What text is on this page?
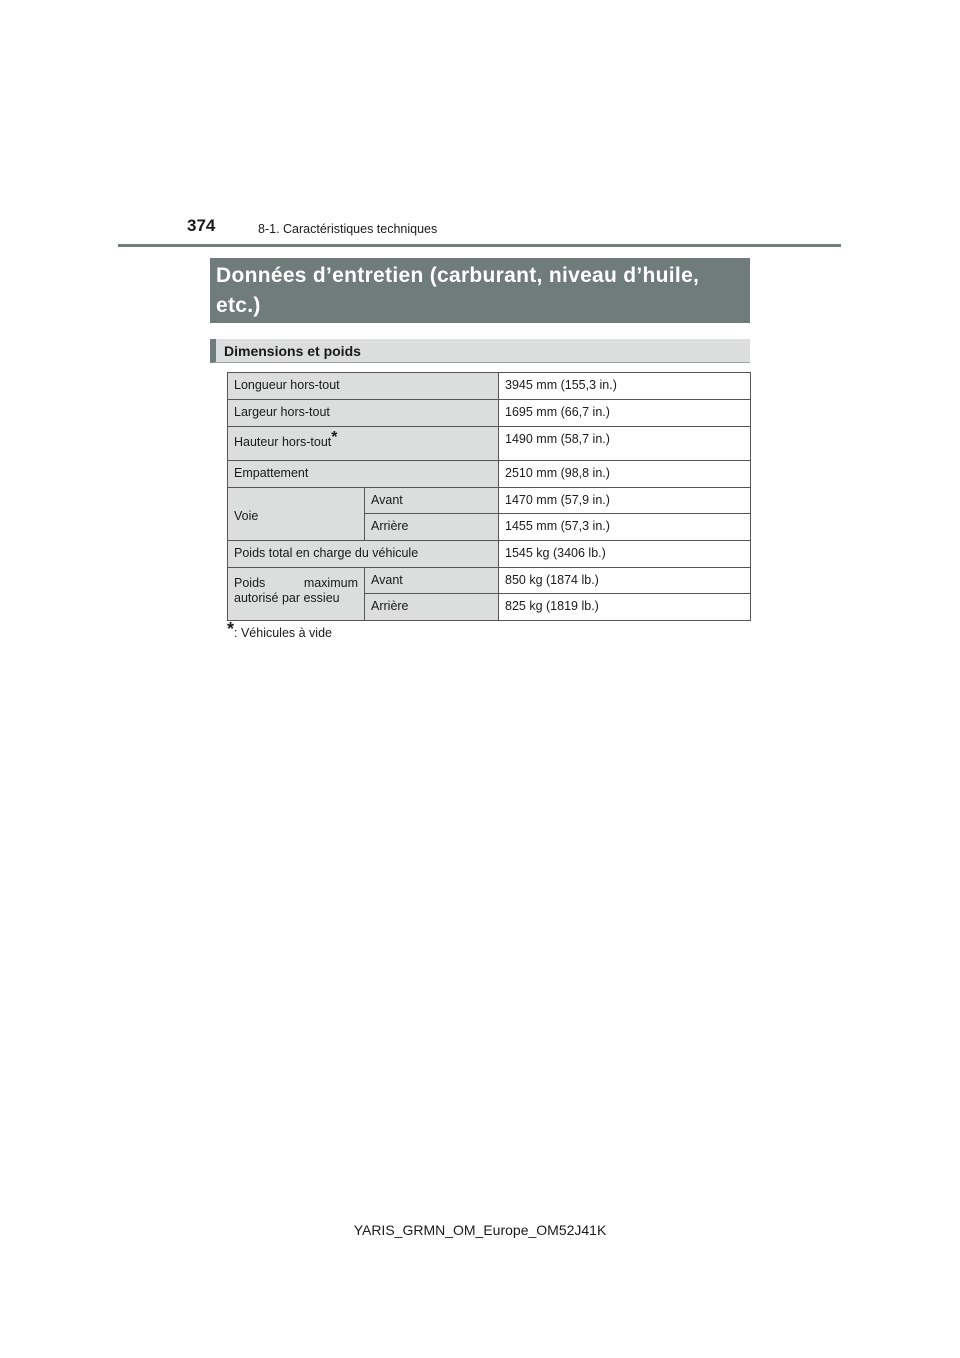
374	8-1. Caractéristiques techniques
Données d’entretien (carburant, niveau d’huile, etc.)
Dimensions et poids
Longueur hors-tout		3945 mm (155,3 in.)
Largeur hors-tout		1695 mm (66,7 in.)
Hauteur hors-tout*		1490 mm (58,7 in.)
Empattement		2510 mm (98,8 in.)
Voie	Avant	1470 mm (57,9 in.)
	Arrière	1455 mm (57,3 in.)
Poids total en charge du véhicule		1545 kg (3406 lb.)
Poids maximum autorisé par essieu	Avant	850 kg (1874 lb.)
	Arrière	825 kg (1819 lb.)
*: Véhicules à vide
YARIS_GRMN_OM_Europe_OM52J41K
